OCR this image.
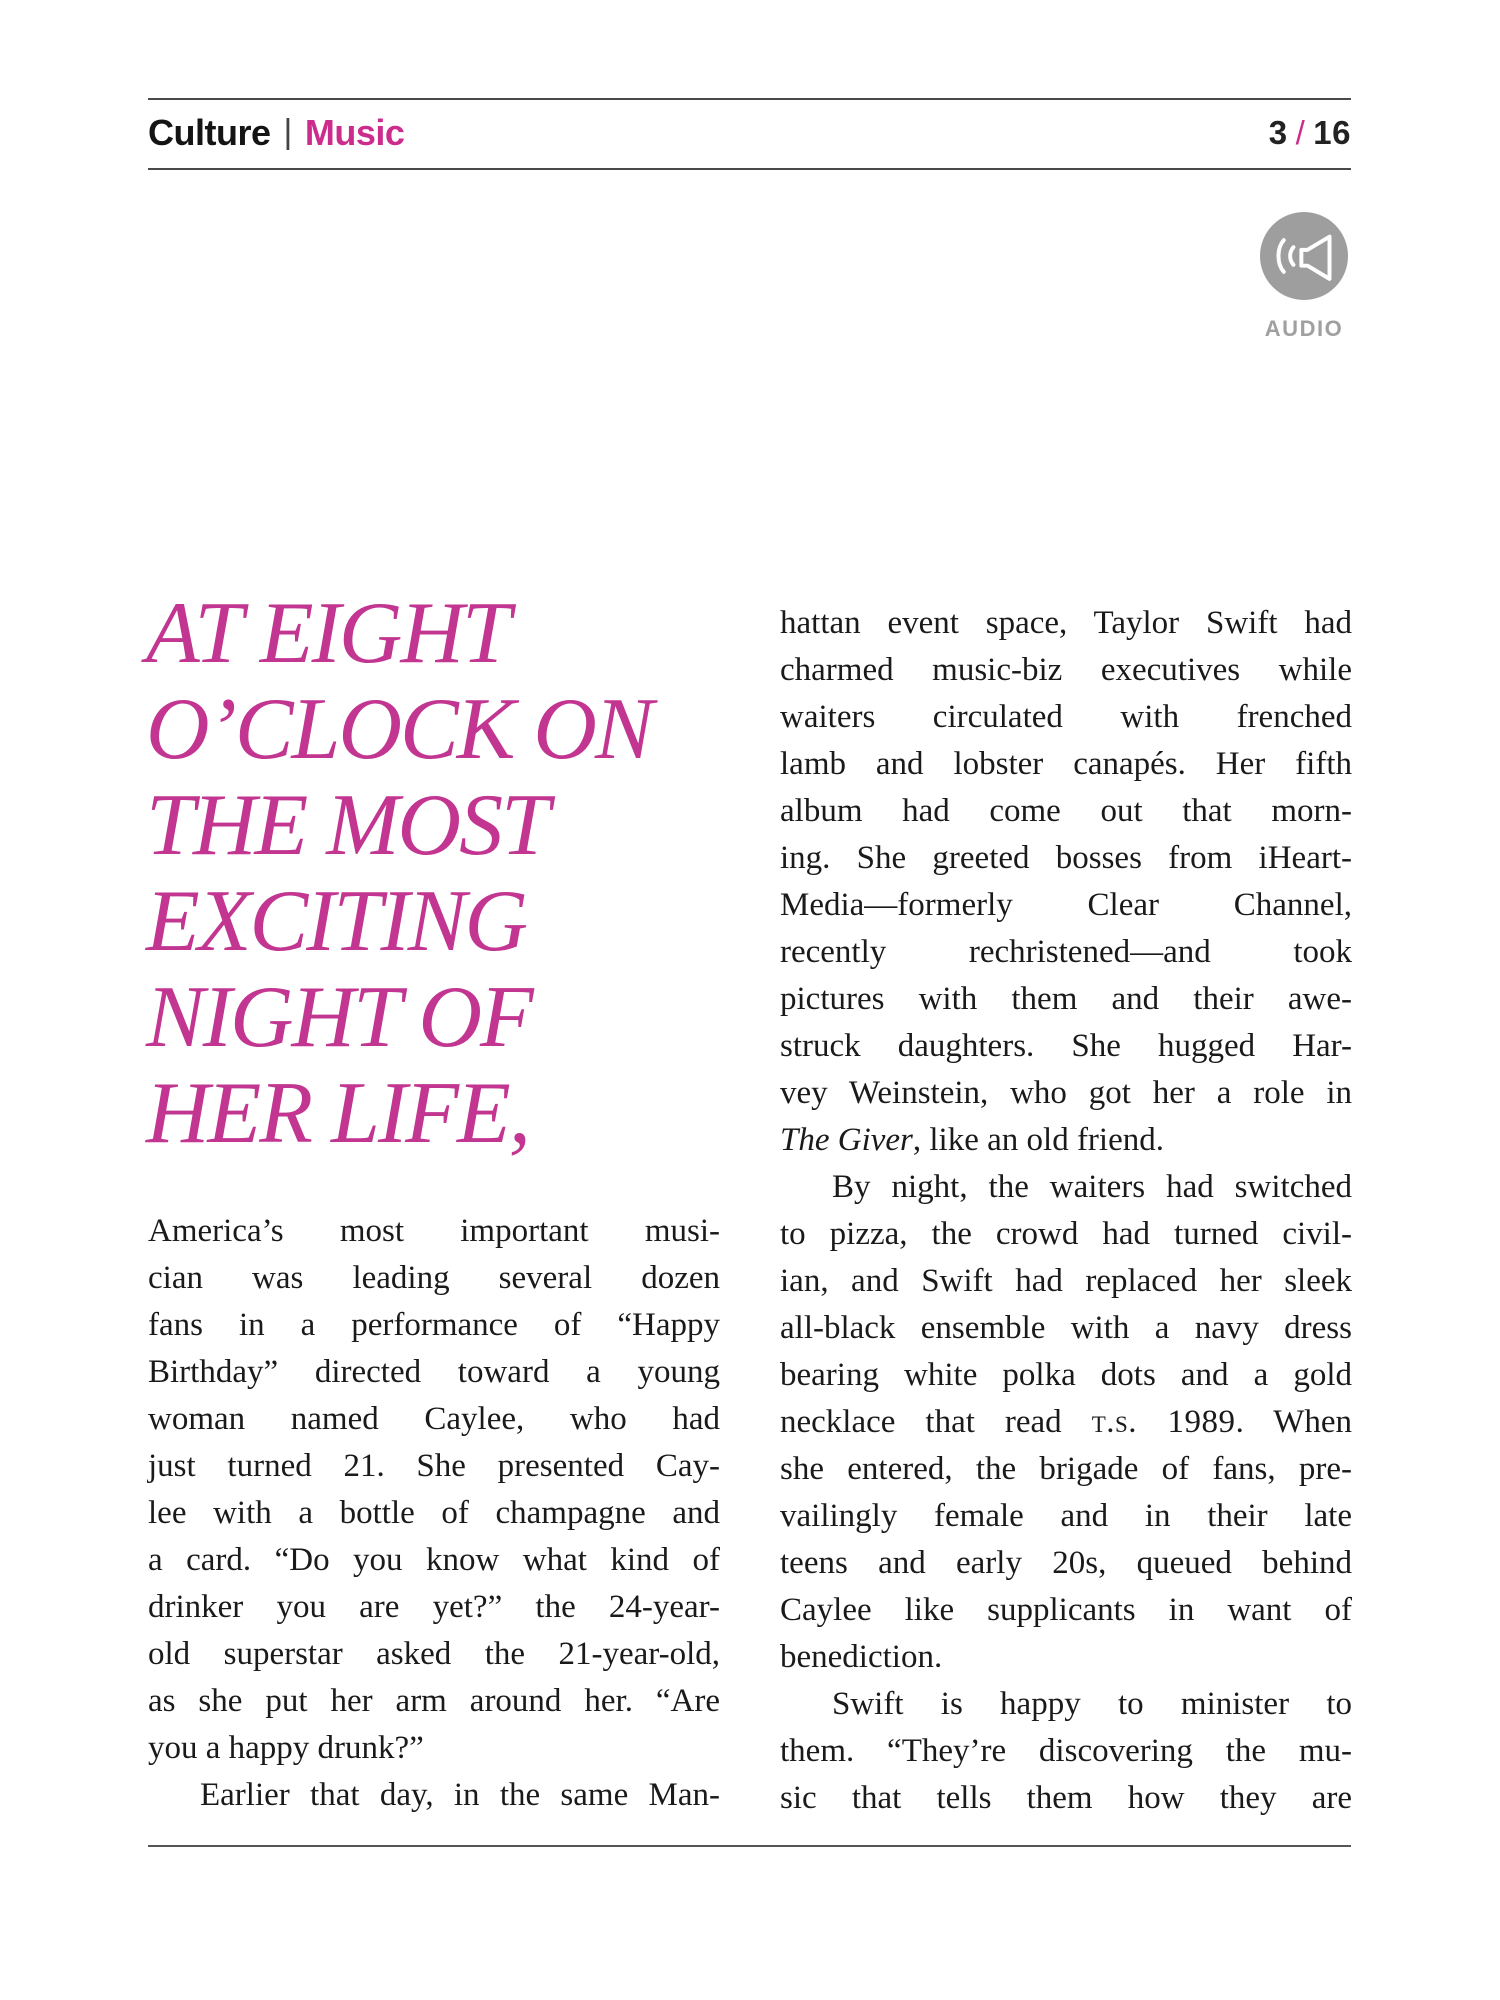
Culture | Music	3 / 16
AUDIO
AT EIGHT
O’CLOCK ON
THE MOST
EXCITING
NIGHT OF
HER LIFE,
America’s most important musi-
cian was leading several dozen
fans in a performance of “Happy
Birthday” directed toward a young
woman named Caylee, who had
just turned 21. She presented Cay-
lee with a bottle of champagne and
a card. “Do you know what kind of
drinker you are yet?” the 24-year-
old superstar asked the 21-year-old,
as she put her arm around her. “Are
you a happy drunk?”
Earlier that day, in the same Man-
hattan event space, Taylor Swift had
charmed music-biz executives while
waiters circulated with frenched
lamb and lobster canapés. Her fifth
album had come out that morn-
ing. She greeted bosses from iHeart-
Media—formerly Clear Channel,
recently rechristened—and took
pictures with them and their awe-
struck daughters. She hugged Har-
vey Weinstein, who got her a role in
The Giver, like an old friend.
By night, the waiters had switched
to pizza, the crowd had turned civil-
ian, and Swift had replaced her sleek
all-black ensemble with a navy dress
bearing white polka dots and a gold
necklace that read t.s. 1989. When
she entered, the brigade of fans, pre-
vailingly female and in their late
teens and early 20s, queued behind
Caylee like supplicants in want of
benediction.
Swift is happy to minister to
them. “They’re discovering the mu-
sic that tells them how they are
